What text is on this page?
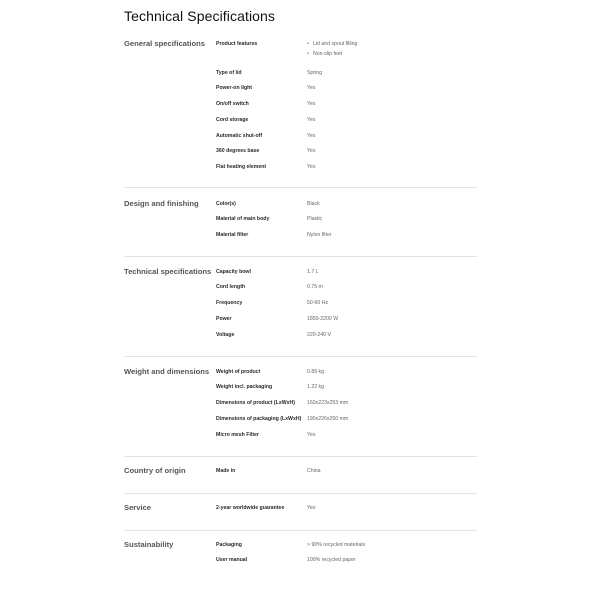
Technical Specifications
General specifications Product features
•	Lid and spout filling
• Non-slip feet
Type of lid	Spring
Power-on light	Yes
On/off switch	Yes
Cord storage	Yes
Automatic shut-off	Yes
360 degrees base	Yes
Flat heating element	Yes
Design and finishing	Color(s)	Black
Material of main body	Plastic
Material filter	Nylon filter
Technical specifications Capacity bowl	1.7 L
Cord length	0.75 m
Frequency	50-60 Hz
Power	1850-2200 W
Voltage	220-240 V
Weight and dimensions Weight of product	0.89 kg
Weight incl. packaging	1.22 kg
Dimensions of product (LxWxH) 160x223x253 mm
Dimensions of packaging (LxWxH) 190x226x250 mm
Micro mesh Filter	Yes
Country of origin	Made in	China
Service	2-year worldwide guarantee	Yes
Sustainability	Packaging	> 90% recycled materials
User manual	100% recycled paper
